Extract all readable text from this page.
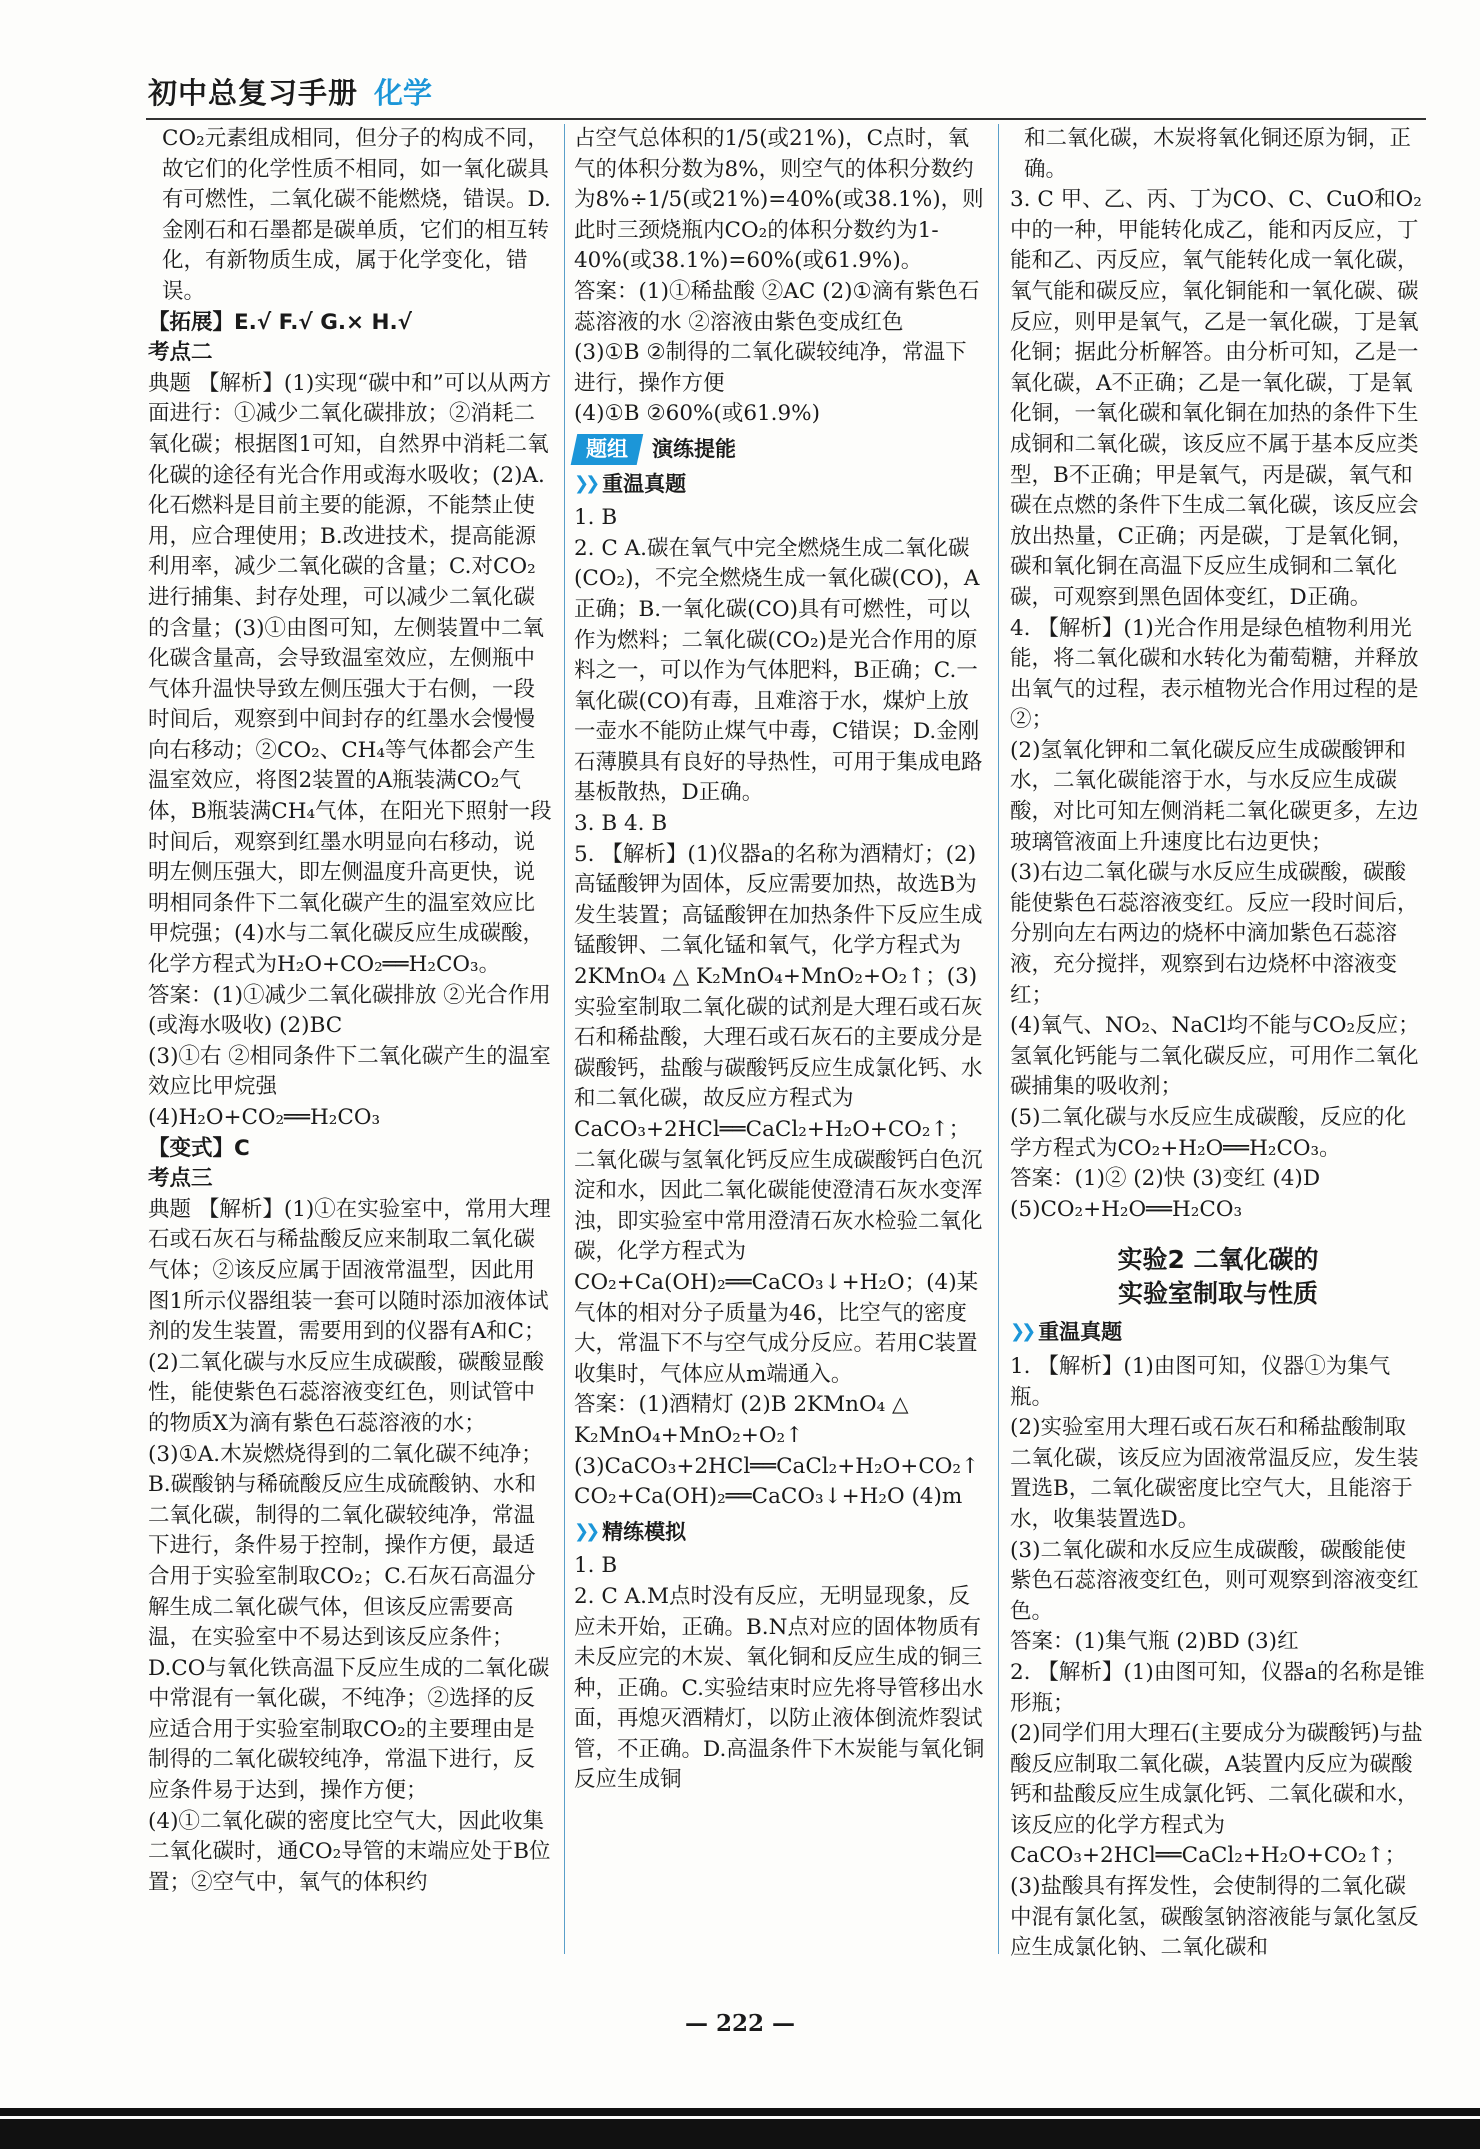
初中总复习手册 化学

CO₂元素组成相同，但分子的构成不同，故它们的化学性质不相同，如一氧化碳具有可燃性，二氧化碳不能燃烧，错误。D.金刚石和石墨都是碳单质，它们的相互转化，有新物质生成，属于化学变化，错误。

【拓展】E.√ F.√ G.× H.√

考点二

典题 【解析】(1)实现“碳中和”可以从两方面进行：①减少二氧化碳排放；②消耗二氧化碳；根据图1可知，自然界中消耗二氧化碳的途径有光合作用或海水吸收；(2)A.化石燃料是目前主要的能源，不能禁止使用，应合理使用；B.改进技术，提高能源利用率，减少二氧化碳的含量；C.对CO₂进行捕集、封存处理，可以减少二氧化碳的含量；(3)①由图可知，左侧装置中二氧化碳含量高，会导致温室效应，左侧瓶中气体升温快导致左侧压强大于右侧，一段时间后，观察到中间封存的红墨水会慢慢向右移动；②CO₂、CH₄等气体都会产生温室效应，将图2装置的A瓶装满CO₂气体，B瓶装满CH₄气体，在阳光下照射一段时间后，观察到红墨水明显向右移动，说明左侧压强大，即左侧温度升高更快，说明相同条件下二氧化碳产生的温室效应比甲烷强；(4)水与二氧化碳反应生成碳酸，化学方程式为H₂O+CO₂══H₂CO₃。

答案：(1)①减少二氧化碳排放 ②光合作用(或海水吸收) (2)BC

(3)①右 ②相同条件下二氧化碳产生的温室效应比甲烷强

(4)H₂O+CO₂══H₂CO₃

【变式】C

考点三

典题 【解析】(1)①在实验室中，常用大理石或石灰石与稀盐酸反应来制取二氧化碳气体；②该反应属于固液常温型，因此用图1所示仪器组装一套可以随时添加液体试剂的发生装置，需要用到的仪器有A和C；

(2)二氧化碳与水反应生成碳酸，碳酸显酸性，能使紫色石蕊溶液变红色，则试管中的物质X为滴有紫色石蕊溶液的水；

(3)①A.木炭燃烧得到的二氧化碳不纯净；B.碳酸钠与稀硫酸反应生成硫酸钠、水和二氧化碳，制得的二氧化碳较纯净，常温下进行，条件易于控制，操作方便，最适合用于实验室制取CO₂；C.石灰石高温分解生成二氧化碳气体，但该反应需要高温，在实验室中不易达到该反应条件；D.CO与氧化铁高温下反应生成的二氧化碳中常混有一氧化碳，不纯净；②选择的反应适合用于实验室制取CO₂的主要理由是制得的二氧化碳较纯净，常温下进行，反应条件易于达到，操作方便；

(4)①二氧化碳的密度比空气大，因此收集二氧化碳时，通CO₂导管的末端应处于B位置；②空气中，氧气的体积约

占空气总体积的1/5(或21%)，C点时，氧气的体积分数为8%，则空气的体积分数约为8%÷1/5(或21%)=40%(或38.1%)，则此时三颈烧瓶内CO₂的体积分数约为1-40%(或38.1%)=60%(或61.9%)。

答案：(1)①稀盐酸 ②AC (2)①滴有紫色石蕊溶液的水 ②溶液由紫色变成红色

(3)①B ②制得的二氧化碳较纯净，常温下进行，操作方便

(4)①B ②60%(或61.9%)

题组	演练提能
❯❯ 重温真题

1. B

2. C A.碳在氧气中完全燃烧生成二氧化碳(CO₂)，不完全燃烧生成一氧化碳(CO)，A正确；B.一氧化碳(CO)具有可燃性，可以作为燃料；二氧化碳(CO₂)是光合作用的原料之一，可以作为气体肥料，B正确；C.一氧化碳(CO)有毒，且难溶于水，煤炉上放一壶水不能防止煤气中毒，C错误；D.金刚石薄膜具有良好的导热性，可用于集成电路基板散热，D正确。

3. B 4. B

5. 【解析】(1)仪器a的名称为酒精灯；(2)高锰酸钾为固体，反应需要加热，故选B为发生装置；高锰酸钾在加热条件下反应生成锰酸钾、二氧化锰和氧气，化学方程式为2KMnO₄ △ K₂MnO₄+MnO₂+O₂↑；(3)实验室制取二氧化碳的试剂是大理石或石灰石和稀盐酸，大理石或石灰石的主要成分是碳酸钙，盐酸与碳酸钙反应生成氯化钙、水和二氧化碳，故反应方程式为CaCO₃+2HCl══CaCl₂+H₂O+CO₂↑；二氧化碳与氢氧化钙反应生成碳酸钙白色沉淀和水，因此二氧化碳能使澄清石灰水变浑浊，即实验室中常用澄清石灰水检验二氧化碳，化学方程式为CO₂+Ca(OH)₂══CaCO₃↓+H₂O；(4)某气体的相对分子质量为46，比空气的密度大，常温下不与空气成分反应。若用C装置收集时，气体应从m端通入。

答案：(1)酒精灯 (2)B 2KMnO₄ △ K₂MnO₄+MnO₂+O₂↑

(3)CaCO₃+2HCl══CaCl₂+H₂O+CO₂↑ CO₂+Ca(OH)₂══CaCO₃↓+H₂O (4)m

❯❯ 精练模拟

1. B

2. C A.M点时没有反应，无明显现象，反应未开始，正确。B.N点对应的固体物质有未反应完的木炭、氧化铜和反应生成的铜三种，正确。C.实验结束时应先将导管移出水面，再熄灭酒精灯，以防止液体倒流炸裂试管，不正确。D.高温条件下木炭能与氧化铜反应生成铜

和二氧化碳，木炭将氧化铜还原为铜，正确。

3. C 甲、乙、丙、丁为CO、C、CuO和O₂中的一种，甲能转化成乙，能和丙反应，丁能和乙、丙反应，氧气能转化成一氧化碳，氧气能和碳反应，氧化铜能和一氧化碳、碳反应，则甲是氧气，乙是一氧化碳，丁是氧化铜；据此分析解答。由分析可知，乙是一氧化碳，A不正确；乙是一氧化碳，丁是氧化铜，一氧化碳和氧化铜在加热的条件下生成铜和二氧化碳，该反应不属于基本反应类型，B不正确；甲是氧气，丙是碳，氧气和碳在点燃的条件下生成二氧化碳，该反应会放出热量，C正确；丙是碳，丁是氧化铜，碳和氧化铜在高温下反应生成铜和二氧化碳，可观察到黑色固体变红，D正确。

4. 【解析】(1)光合作用是绿色植物利用光能，将二氧化碳和水转化为葡萄糖，并释放出氧气的过程，表示植物光合作用过程的是②；

(2)氢氧化钾和二氧化碳反应生成碳酸钾和水，二氧化碳能溶于水，与水反应生成碳酸，对比可知左侧消耗二氧化碳更多，左边玻璃管液面上升速度比右边更快；

(3)右边二氧化碳与水反应生成碳酸，碳酸能使紫色石蕊溶液变红。反应一段时间后，分别向左右两边的烧杯中滴加紫色石蕊溶液，充分搅拌，观察到右边烧杯中溶液变红；

(4)氧气、NO₂、NaCl均不能与CO₂反应；氢氧化钙能与二氧化碳反应，可用作二氧化碳捕集的吸收剂；

(5)二氧化碳与水反应生成碳酸，反应的化学方程式为CO₂+H₂O══H₂CO₃。

答案：(1)② (2)快 (3)变红 (4)D

(5)CO₂+H₂O══H₂CO₃

实验2 二氧化碳的
实验室制取与性质
❯❯ 重温真题

1. 【解析】(1)由图可知，仪器①为集气瓶。

(2)实验室用大理石或石灰石和稀盐酸制取二氧化碳，该反应为固液常温反应，发生装置选B，二氧化碳密度比空气大，且能溶于水，收集装置选D。

(3)二氧化碳和水反应生成碳酸，碳酸能使紫色石蕊溶液变红色，则可观察到溶液变红色。

答案：(1)集气瓶 (2)BD (3)红

2. 【解析】(1)由图可知，仪器a的名称是锥形瓶；

(2)同学们用大理石(主要成分为碳酸钙)与盐酸反应制取二氧化碳，A装置内反应为碳酸钙和盐酸反应生成氯化钙、二氧化碳和水，该反应的化学方程式为CaCO₃+2HCl══CaCl₂+H₂O+CO₂↑；

(3)盐酸具有挥发性，会使制得的二氧化碳中混有氯化氢，碳酸氢钠溶液能与氯化氢反应生成氯化钠、二氧化碳和

— 222 —
